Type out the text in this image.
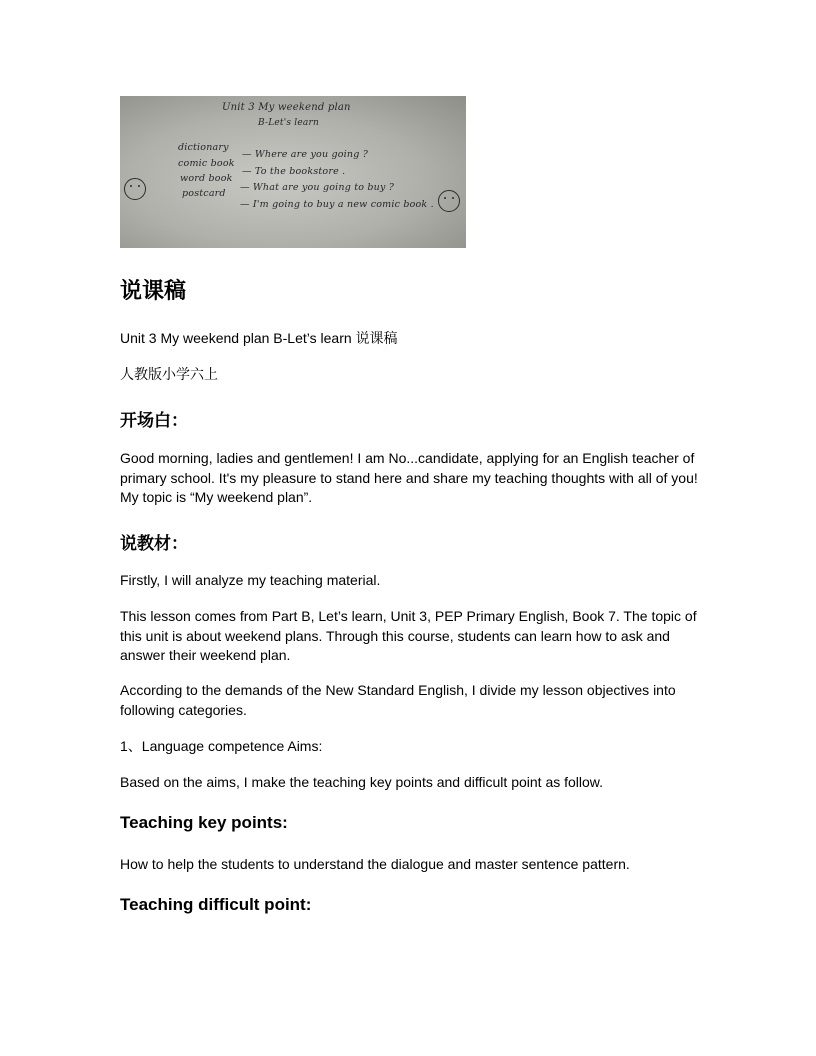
Unit 3 My weekend plan
B-Let's learn
dictionary
comic book
word book
postcard
— Where are you going ?
— To the bookstore .
— What are you going to buy ?
— I'm going to buy a new comic book .
说课稿

Unit 3 My weekend plan B-Let’s learn 说课稿

人教版小学六上

开场白：

Good morning, ladies and gentlemen! I am No...candidate, applying for an English teacher of primary school. It's my pleasure to stand here and share my teaching thoughts with all of you! My topic is “My weekend plan”.

说教材：

Firstly, I will analyze my teaching material.

This lesson comes from Part B, Let’s learn, Unit 3, PEP Primary English, Book 7. The topic of this unit is about weekend plans. Through this course, students can learn how to ask and answer their weekend plan.

According to the demands of the New Standard English, I divide my lesson objectives into following categories.

1、Language competence Aims:

Based on the aims, I make the teaching key points and difficult point as follow.

Teaching key points:

How to help the students to understand the dialogue and master sentence pattern.

Teaching difficult point:
